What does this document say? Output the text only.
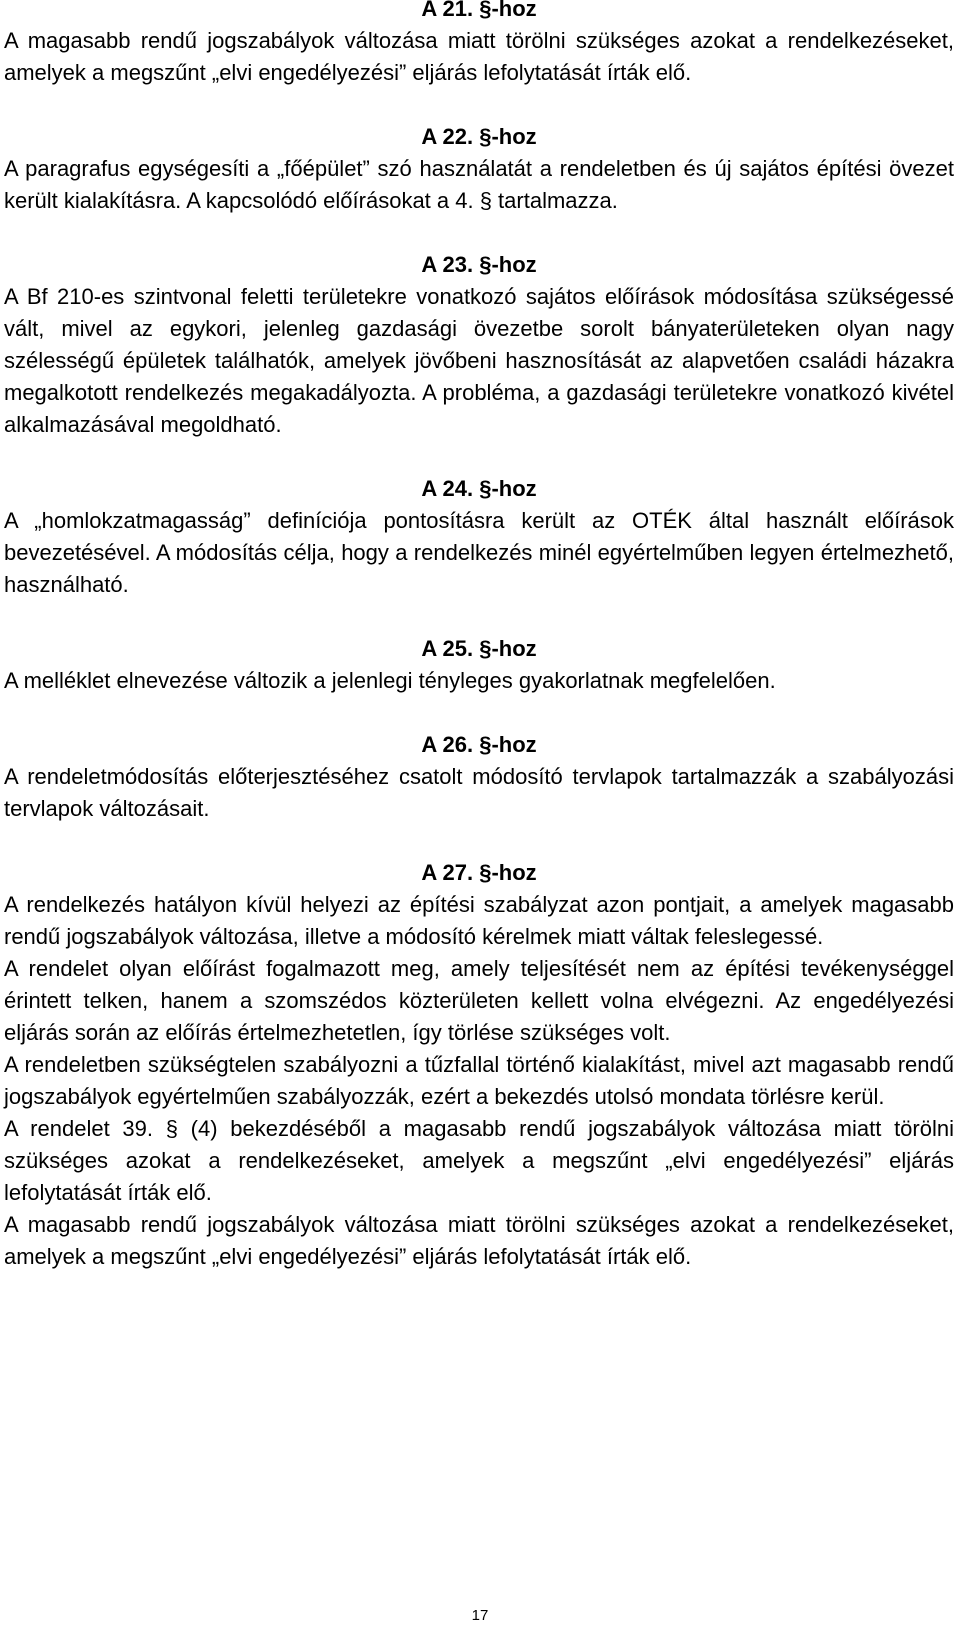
A 21. §-hoz

A magasabb rendű jogszabályok változása miatt törölni szükséges azokat a rendelkezéseket, amelyek a megszűnt „elvi engedélyezési” eljárás lefolytatását írták elő.

A 22. §-hoz

A paragrafus egységesíti a „főépület” szó használatát a rendeletben és új sajátos építési övezet került kialakításra. A kapcsolódó előírásokat a 4. § tartalmazza.

A 23. §-hoz

A Bf 210-es szintvonal feletti területekre vonatkozó sajátos előírások módosítása szükségessé vált, mivel az egykori, jelenleg gazdasági övezetbe sorolt bányaterületeken olyan nagy szélességű épületek találhatók, amelyek jövőbeni hasznosítását az alapvetően családi házakra megalkotott rendelkezés megakadályozta. A probléma, a gazdasági területekre vonatkozó kivétel alkalmazásával megoldható.

A 24. §-hoz

A „homlokzatmagasság” definíciója pontosításra került az OTÉK által használt előírások bevezetésével. A módosítás célja, hogy a rendelkezés minél egyértelműben legyen értelmezhető, használható.

A 25. §-hoz

A melléklet elnevezése változik a jelenlegi tényleges gyakorlatnak megfelelően.

A 26. §-hoz

A rendeletmódosítás előterjesztéséhez csatolt módosító tervlapok tartalmazzák a szabályozási tervlapok változásait.

A 27. §-hoz

A rendelkezés hatályon kívül helyezi az építési szabályzat azon pontjait, a amelyek magasabb rendű jogszabályok változása, illetve a módosító kérelmek miatt váltak feleslegessé.

A rendelet olyan előírást fogalmazott meg, amely teljesítését nem az építési tevékenységgel érintett telken, hanem a szomszédos közterületen kellett volna elvégezni. Az engedélyezési eljárás során az előírás értelmezhetetlen, így törlése szükséges volt.

A rendeletben szükségtelen szabályozni a tűzfallal történő kialakítást, mivel azt magasabb rendű jogszabályok egyértelműen szabályozzák, ezért a bekezdés utolsó mondata törlésre kerül.

A rendelet 39. § (4) bekezdéséből a magasabb rendű jogszabályok változása miatt törölni szükséges azokat a rendelkezéseket, amelyek a megszűnt „elvi engedélyezési” eljárás lefolytatását írták elő.

A magasabb rendű jogszabályok változása miatt törölni szükséges azokat a rendelkezéseket, amelyek a megszűnt „elvi engedélyezési” eljárás lefolytatását írták elő.

17
